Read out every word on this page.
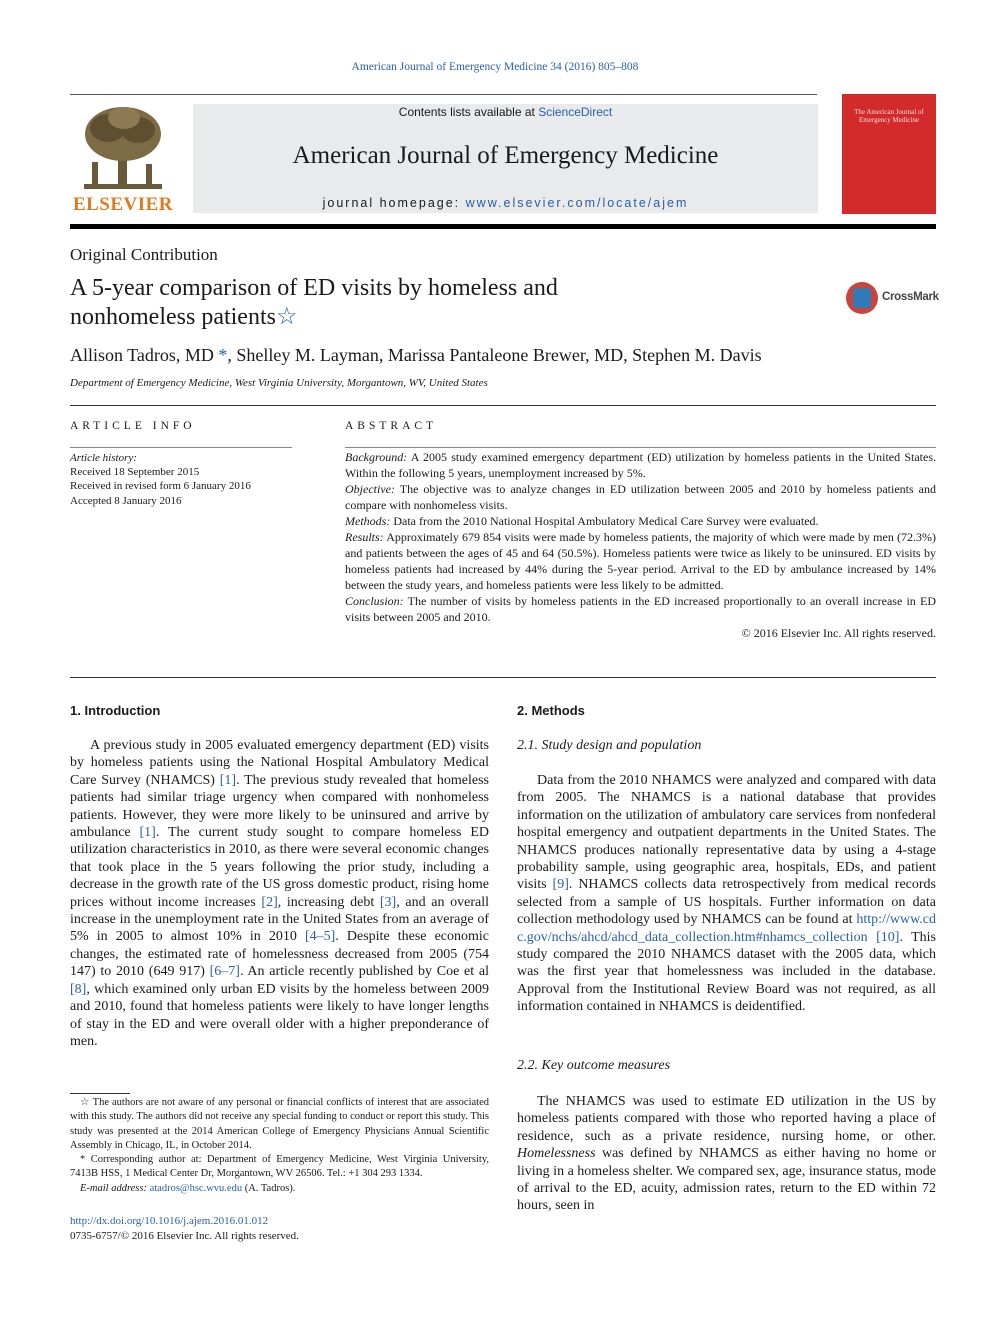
American Journal of Emergency Medicine 34 (2016) 805–808
ELSEVIER
Contents lists available at ScienceDirect
American Journal of Emergency Medicine
journal homepage: www.elsevier.com/locate/ajem
The American Journal of Emergency Medicine
Original Contribution
A 5-year comparison of ED visits by homeless and nonhomeless patients☆
CrossMark
Allison Tadros, MD *, Shelley M. Layman, Marissa Pantaleone Brewer, MD, Stephen M. Davis
Department of Emergency Medicine, West Virginia University, Morgantown, WV, United States
ARTICLE INFO
Article history:
Received 18 September 2015
Received in revised form 6 January 2016
Accepted 8 January 2016
ABSTRACT

Background: A 2005 study examined emergency department (ED) utilization by homeless patients in the United States. Within the following 5 years, unemployment increased by 5%.

Objective: The objective was to analyze changes in ED utilization between 2005 and 2010 by homeless patients and compare with nonhomeless visits.

Methods: Data from the 2010 National Hospital Ambulatory Medical Care Survey were evaluated.

Results: Approximately 679 854 visits were made by homeless patients, the majority of which were made by men (72.3%) and patients between the ages of 45 and 64 (50.5%). Homeless patients were twice as likely to be uninsured. ED visits by homeless patients had increased by 44% during the 5-year period. Arrival to the ED by ambulance increased by 14% between the study years, and homeless patients were less likely to be admitted.

Conclusion: The number of visits by homeless patients in the ED increased proportionally to an overall increase in ED visits between 2005 and 2010.

© 2016 Elsevier Inc. All rights reserved.
1. Introduction
A previous study in 2005 evaluated emergency department (ED) visits by homeless patients using the National Hospital Ambulatory Medical Care Survey (NHAMCS) [1]. The previous study revealed that homeless patients had similar triage urgency when compared with nonhomeless patients. However, they were more likely to be uninsured and arrive by ambulance [1]. The current study sought to compare homeless ED utilization characteristics in 2010, as there were several economic changes that took place in the 5 years following the prior study, including a decrease in the growth rate of the US gross domestic product, rising home prices without income increases [2], increasing debt [3], and an overall increase in the unemployment rate in the United States from an average of 5% in 2005 to almost 10% in 2010 [4–5]. Despite these economic changes, the estimated rate of homelessness decreased from 2005 (754 147) to 2010 (649 917) [6–7]. An article recently published by Coe et al [8], which examined only urban ED visits by the homeless between 2009 and 2010, found that homeless patients were likely to have longer lengths of stay in the ED and were overall older with a higher preponderance of men.
2. Methods
2.1. Study design and population
Data from the 2010 NHAMCS were analyzed and compared with data from 2005. The NHAMCS is a national database that provides information on the utilization of ambulatory care services from nonfederal hospital emergency and outpatient departments in the United States. The NHAMCS produces nationally representative data by using a 4-stage probability sample, using geographic area, hospitals, EDs, and patient visits [9]. NHAMCS collects data retrospectively from medical records selected from a sample of US hospitals. Further information on data collection methodology used by NHAMCS can be found at http://www.cdc.gov/nchs/ahcd/ahcd_data_collection.htm#nhamcs_collection [10]. This study compared the 2010 NHAMCS dataset with the 2005 data, which was the first year that homelessness was included in the database. Approval from the Institutional Review Board was not required, as all information contained in NHAMCS is deidentified.
2.2. Key outcome measures
The NHAMCS was used to estimate ED utilization in the US by homeless patients compared with those who reported having a place of residence, such as a private residence, nursing home, or other. Homelessness was defined by NHAMCS as either having no home or living in a homeless shelter. We compared sex, age, insurance status, mode of arrival to the ED, acuity, admission rates, return to the ED within 72 hours, seen in

☆ The authors are not aware of any personal or financial conflicts of interest that are associated with this study. The authors did not receive any special funding to conduct or report this study. This study was presented at the 2014 American College of Emergency Physicians Annual Scientific Assembly in Chicago, IL, in October 2014.

* Corresponding author at: Department of Emergency Medicine, West Virginia University, 7413B HSS, 1 Medical Center Dr, Morgantown, WV 26506. Tel.: +1 304 293 1334.

E-mail address: atadros@hsc.wvu.edu (A. Tadros).

http://dx.doi.org/10.1016/j.ajem.2016.01.012
0735-6757/© 2016 Elsevier Inc. All rights reserved.
